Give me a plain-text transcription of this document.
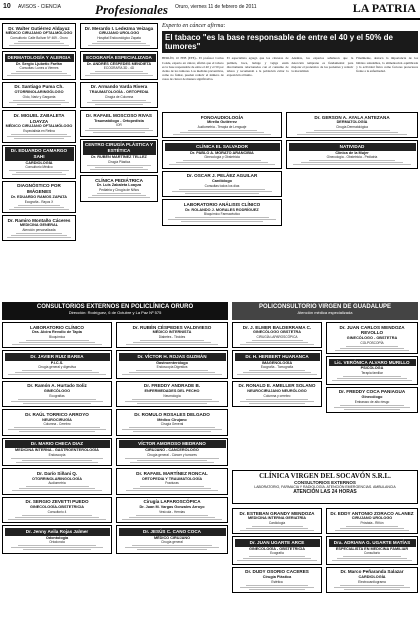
10 AVISOS - CIENCIA	Profesionales Oruro, viernes 11 de febrero de 2011	LA PATRIA
Dr. Walter Gutiérrez Aldayuz
MÉDICO CIRUJANO OFTALMÓLOGO
Consultorio: Calle Bolívar Nº 469 - Oruro
DERMATOLOGÍA Y ALERGIA
Dr. Sergio Ljubetic Farfán
Consultas: Lunes a Viernes
Dr. Santiago Puma Ch.
OTORRINOLARINGÓLOGO
Oído, Nariz y Garganta
Dr. MIGUEL ZABALETA LOAYZA
MÉDICO CIRUJANO OFTALMÓLOGO
Especialista en Retina
Dr. EDUARDO CAMARGO SAHI
CARDIOLOGÍA
Consultorio Médico
DIAGNÓSTICO POR IMÁGENES
Dr. EDUARDO RAMOS ZAPATA
Ecografía - Rayos X
Dr. Ramiro Montaño Cáceres
MEDICINA GENERAL
Atención personalizada
Dr. Merardo I. Ledezma Veizaga
CIRUJANO UROLOGO
Hospital Endourológico Zapata
ECOGRAFÍA ESPECIALIZADA
Dr. ANDRÉS CÉSPEDES MENDIETA
ECOGRAFÍA 3D - 4D
Dr. Armando Varda Rivera
TRAUMATOLOGÍA - ORTOPEDIA
Cirugía de Columna
Dr. RAFAEL MOSCOSO RIVAS
Traumatólogo - Ortopedista
IOR
CENTRO CIRUGÍA PLÁSTICA Y ESTÉTICA
Dr. RUBÉN MARTÍNEZ TELLEZ
Cirugía Plástica
CLÍNICA PEDIÁTRICA
Dr. Luis Zabaleta Loayza
Pediatría y Cirugía de Niños
FONOAUDIOLOGÍA
Mirella Gutiérrez
Audiometría - Terapia de Lenguaje
CLÍNICA EL SALVADOR
Dr. PABLO A. MORATO ARANCIBIA
Ginecología y Obstetricia
Dr. OSCAR J. PELÁEZ AGUILAR
Cardiólogo
Consultas todos los días
LABORATORIO ANÁLISIS CLÍNICO
Dr. ROLANDO J. MORALES RODRÍGUEZ
Bioquímico Farmacéutico
Dr. GERSON A. AYALA ANTEZANA
DERMATOLOGÍA
Cirugía Dermatológica
NATIVIDAD
Clínica de la Mujer
Ginecología - Obstetricia - Pediatría
Experto en cáncer afirma:
El tabaco "es la base responsable de entre el 40 y el 50% de tumores"

BERLÍN, 10 FEB (EFE).- El profesor Carlos Conde, experto en cáncer, afirmó que el tabaco es la base responsable de entre el 40 y el 50 por ciento de los tumores. Las medidas preventivas, como no fumar, pueden reducir el número de casos de cáncer de manera significativa.

El especialista agregó que los cánceres de pulmón, boca, laringe y vejiga están directamente relacionados con el consumo de tabaco y recomendó a la población evitar la exposición al humo.

Además, los expertos señalaron que la detección temprana es fundamental para mejorar el pronóstico de los pacientes y reducir la mortalidad.

Finalmente, destacó la importancia de los hábitos saludables, la alimentación equilibrada y la actividad física como factores protectores frente a la enfermedad.

CONSULTORIOS EXTERNOS EN POLICLÍNICA ORURO
Dirección: Rodríguez, 6 de Octubre y La Paz Nº 575
LABORATORIO CLÍNICO
Dra. Alcira Revollo de Tapia
Bioquímica
Dr. JAVIER RUIZ BAREA
P.I.C.S.
Cirugía general y digestiva
Dr. Ramón A. Hurtado Soliz
GINECÓLOGO
Ecografías
Dr. RAÚL TORRICO ARROYO
NEUROCIRUGÍA
Columna - Cerebro
Dr. MARIO CHECA DIAZ
MEDICINA INTERNA - GASTROENTEROLOGÍA
Endoscopía
Dr. Darío Siñani Q.
OTORRINOLARINGOLOGÍA
Audiometría
Dr. SERGIO ZEVETTI PUEDO
GINECOLOGÍA-OBSTETRICIA
Consultorio 4
Dr. Jenny Avila Rojas Jalmer
Odontología
Ortodoncia
Dr. RUBÉN CÉSPEDES VALDIVIESO
MÉDICO INTERNISTA
Diabetes - Tiroides
Dr. VÍCTOR H. ROJAS GUZMÁN
Gastroenterólogo
Endoscopía Digestiva
Dr. FREDDY ANDRADE B.
ENFERMEDADES DEL PECHO
Neumología
Dr. ROMULO ROSALES DELGADO
Médico Cirujano
Cirugía General
VÍCTOR AMOROSO MEDRANO
CIRUJANO - CANCERÓLOGO
Cirugía general - Cáncer y tumores
Dr. RAFAEL MARTÍNEZ RONCAL
ORTOPEDIA Y TRAUMATOLOGÍA
Fracturas
Cirugía LAPAROSCÓPICA
Dr. Juan M. Vargas Gonzales Arroyo
Vesícula - Hernias
Dr. JESÚS C. CANO COCA
MÉDICO CIRUJANO
Cirugía general
POLICONSULTORIO VIRGEN DE GUADALUPE
Atención médica especializada
Dr. J. ELMER BALDERRAMA C.
GINECÓLOGO OBSTETRA
CIRUGÍA LAPAROSCÓPICA
Dr. H. HERBERT HUARANCA
IMAGENOLOGÍA
Ecografía - Tomografía
Dr. RONALD E. AMELLER SOLANO
NEUROCIRUJANO NEURÓLOGO
Columna y cerebro
Dr. JUAN CARLOS MENDOZA REVOLLO
GINECÓLOGO - OBSTETRA
COLPOSCOPÍA
Lic. VERÓNICA ALVARO MURILLO
PSICÓLOGA
Terapia familiar
Dr. FREDDY COCA PANIAGUA
Ginecólogo
Embarazo de alto riesgo
CLÍNICA VIRGEN DEL SOCAVÓN S.R.L.
CONSULTORIOS EXTERNOS
LABORATORIO, FARMACIA Y RADIOLOGÍA. ATENCIÓN EMERGENCIAS. AMBULANCIA
ATENCIÓN LAS 24 HORAS
Dr. ESTEBAN GRANDY MENDOZA
MEDICINA INTERNA GERIATRÍA
Cardiología
Dr. JUAN UGARTE ARCE
GINECOLOGÍA - OBSTETRICIA
Ecografía
Dr. DUDY OSORIO CACERES
Cirugía Plástica
Estética
Dr. EDDY ANTONIO ZORACO ALANEZ
CIRUJANO UROLOGO
Próstata - Riñón
Dra. ADRIANA G. UGARTE MATÍAS
ESPECIALISTA EN MEDICINA FAMILIAR
Consultorio
Dr. Marco Peñaranda Salazar
CARDIOLOGÍA
Electrocardiograma
